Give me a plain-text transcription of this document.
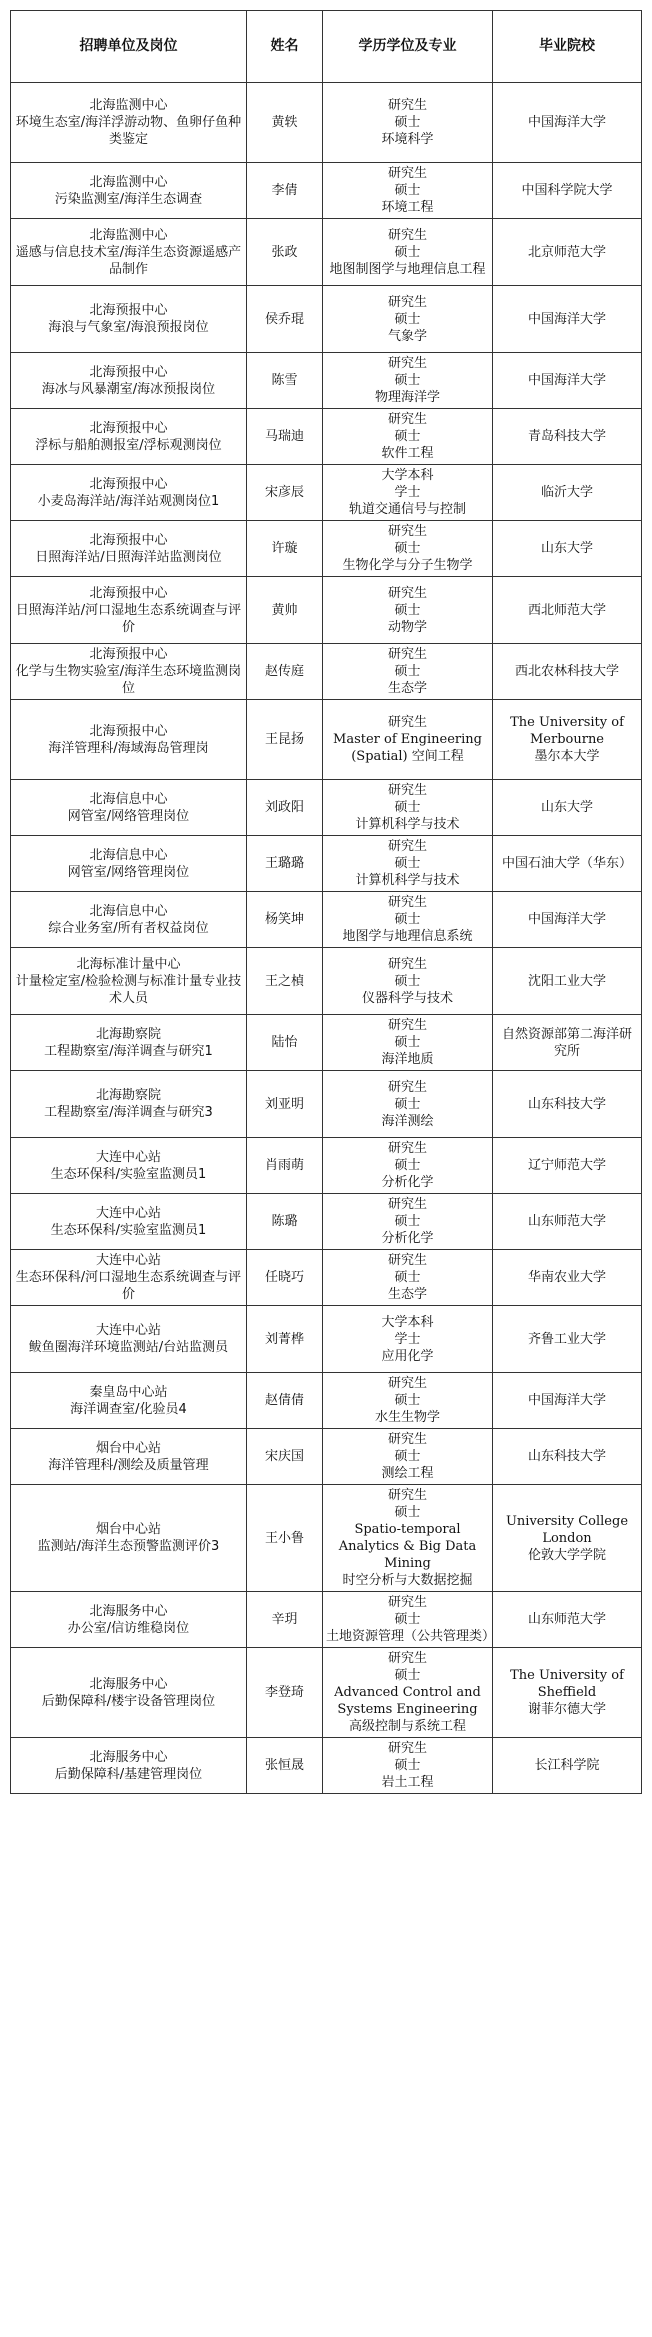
招聘单位及岗位	姓名	学历学位及专业	毕业院校

北海监测中心
环境生态室/海洋浮游动物、鱼卵仔鱼种类鉴定	黄轶	研究生
硕士
环境科学	中国海洋大学

北海监测中心
污染监测室/海洋生态调查	李倩	研究生
硕士
环境工程	中国科学院大学

北海监测中心
遥感与信息技术室/海洋生态资源遥感产品制作	张政	研究生
硕士
地图制图学与地理信息工程	北京师范大学

北海预报中心
海浪与气象室/海浪预报岗位	侯乔琨	研究生
硕士
气象学	中国海洋大学

北海预报中心
海冰与风暴潮室/海冰预报岗位	陈雪	研究生
硕士
物理海洋学	中国海洋大学

北海预报中心
浮标与船舶测报室/浮标观测岗位	马瑞迪	研究生
硕士
软件工程	青岛科技大学

北海预报中心
小麦岛海洋站/海洋站观测岗位1	宋彦辰	大学本科
学士
轨道交通信号与控制	临沂大学

北海预报中心
日照海洋站/日照海洋站监测岗位	许璇	研究生
硕士
生物化学与分子生物学	山东大学

北海预报中心
日照海洋站/河口湿地生态系统调查与评价	黄帅	研究生
硕士
动物学	西北师范大学

北海预报中心
化学与生物实验室/海洋生态环境监测岗位	赵传庭	研究生
硕士
生态学	西北农林科技大学

北海预报中心
海洋管理科/海域海岛管理岗	王昆扬	研究生
Master of Engineering (Spatial) 空间工程	The University of Merbourne
墨尔本大学

北海信息中心
网管室/网络管理岗位	刘政阳	研究生
硕士
计算机科学与技术	山东大学

北海信息中心
网管室/网络管理岗位	王璐璐	研究生
硕士
计算机科学与技术	中国石油大学（华东）

北海信息中心
综合业务室/所有者权益岗位	杨笑坤	研究生
硕士
地图学与地理信息系统	中国海洋大学

北海标准计量中心
计量检定室/检验检测与标准计量专业技术人员	王之楨	研究生
硕士
仪器科学与技术	沈阳工业大学

北海勘察院
工程勘察室/海洋调查与研究1	陆怡	研究生
硕士
海洋地质	自然资源部第二海洋研究所

北海勘察院
工程勘察室/海洋调查与研究3	刘亚明	研究生
硕士
海洋测绘	山东科技大学

大连中心站
生态环保科/实验室监测员1	肖雨萌	研究生
硕士
分析化学	辽宁师范大学

大连中心站
生态环保科/实验室监测员1	陈璐	研究生
硕士
分析化学	山东师范大学

大连中心站
生态环保科/河口湿地生态系统调查与评价	任晓巧	研究生
硕士
生态学	华南农业大学

大连中心站
鲅鱼圈海洋环境监测站/台站监测员	刘菁桦	大学本科
学士
应用化学	齐鲁工业大学

秦皇岛中心站
海洋调查室/化验员4	赵倩倩	研究生
硕士
水生生物学	中国海洋大学

烟台中心站
海洋管理科/测绘及质量管理	宋庆国	研究生
硕士
测绘工程	山东科技大学

烟台中心站
监测站/海洋生态预警监测评价3	王小鲁	研究生
硕士
Spatio-temporal Analytics & Big Data Mining
时空分析与大数据挖掘	University College London
伦敦大学学院

北海服务中心
办公室/信访维稳岗位	辛玥	研究生
硕士
土地资源管理（公共管理类）	山东师范大学

北海服务中心
后勤保障科/楼宇设备管理岗位	李登琦	研究生
硕士
Advanced Control and Systems Engineering
高级控制与系统工程	The University of Sheffield
谢菲尔德大学

北海服务中心
后勤保障科/基建管理岗位	张恒晟	研究生
硕士
岩土工程	长江科学院
